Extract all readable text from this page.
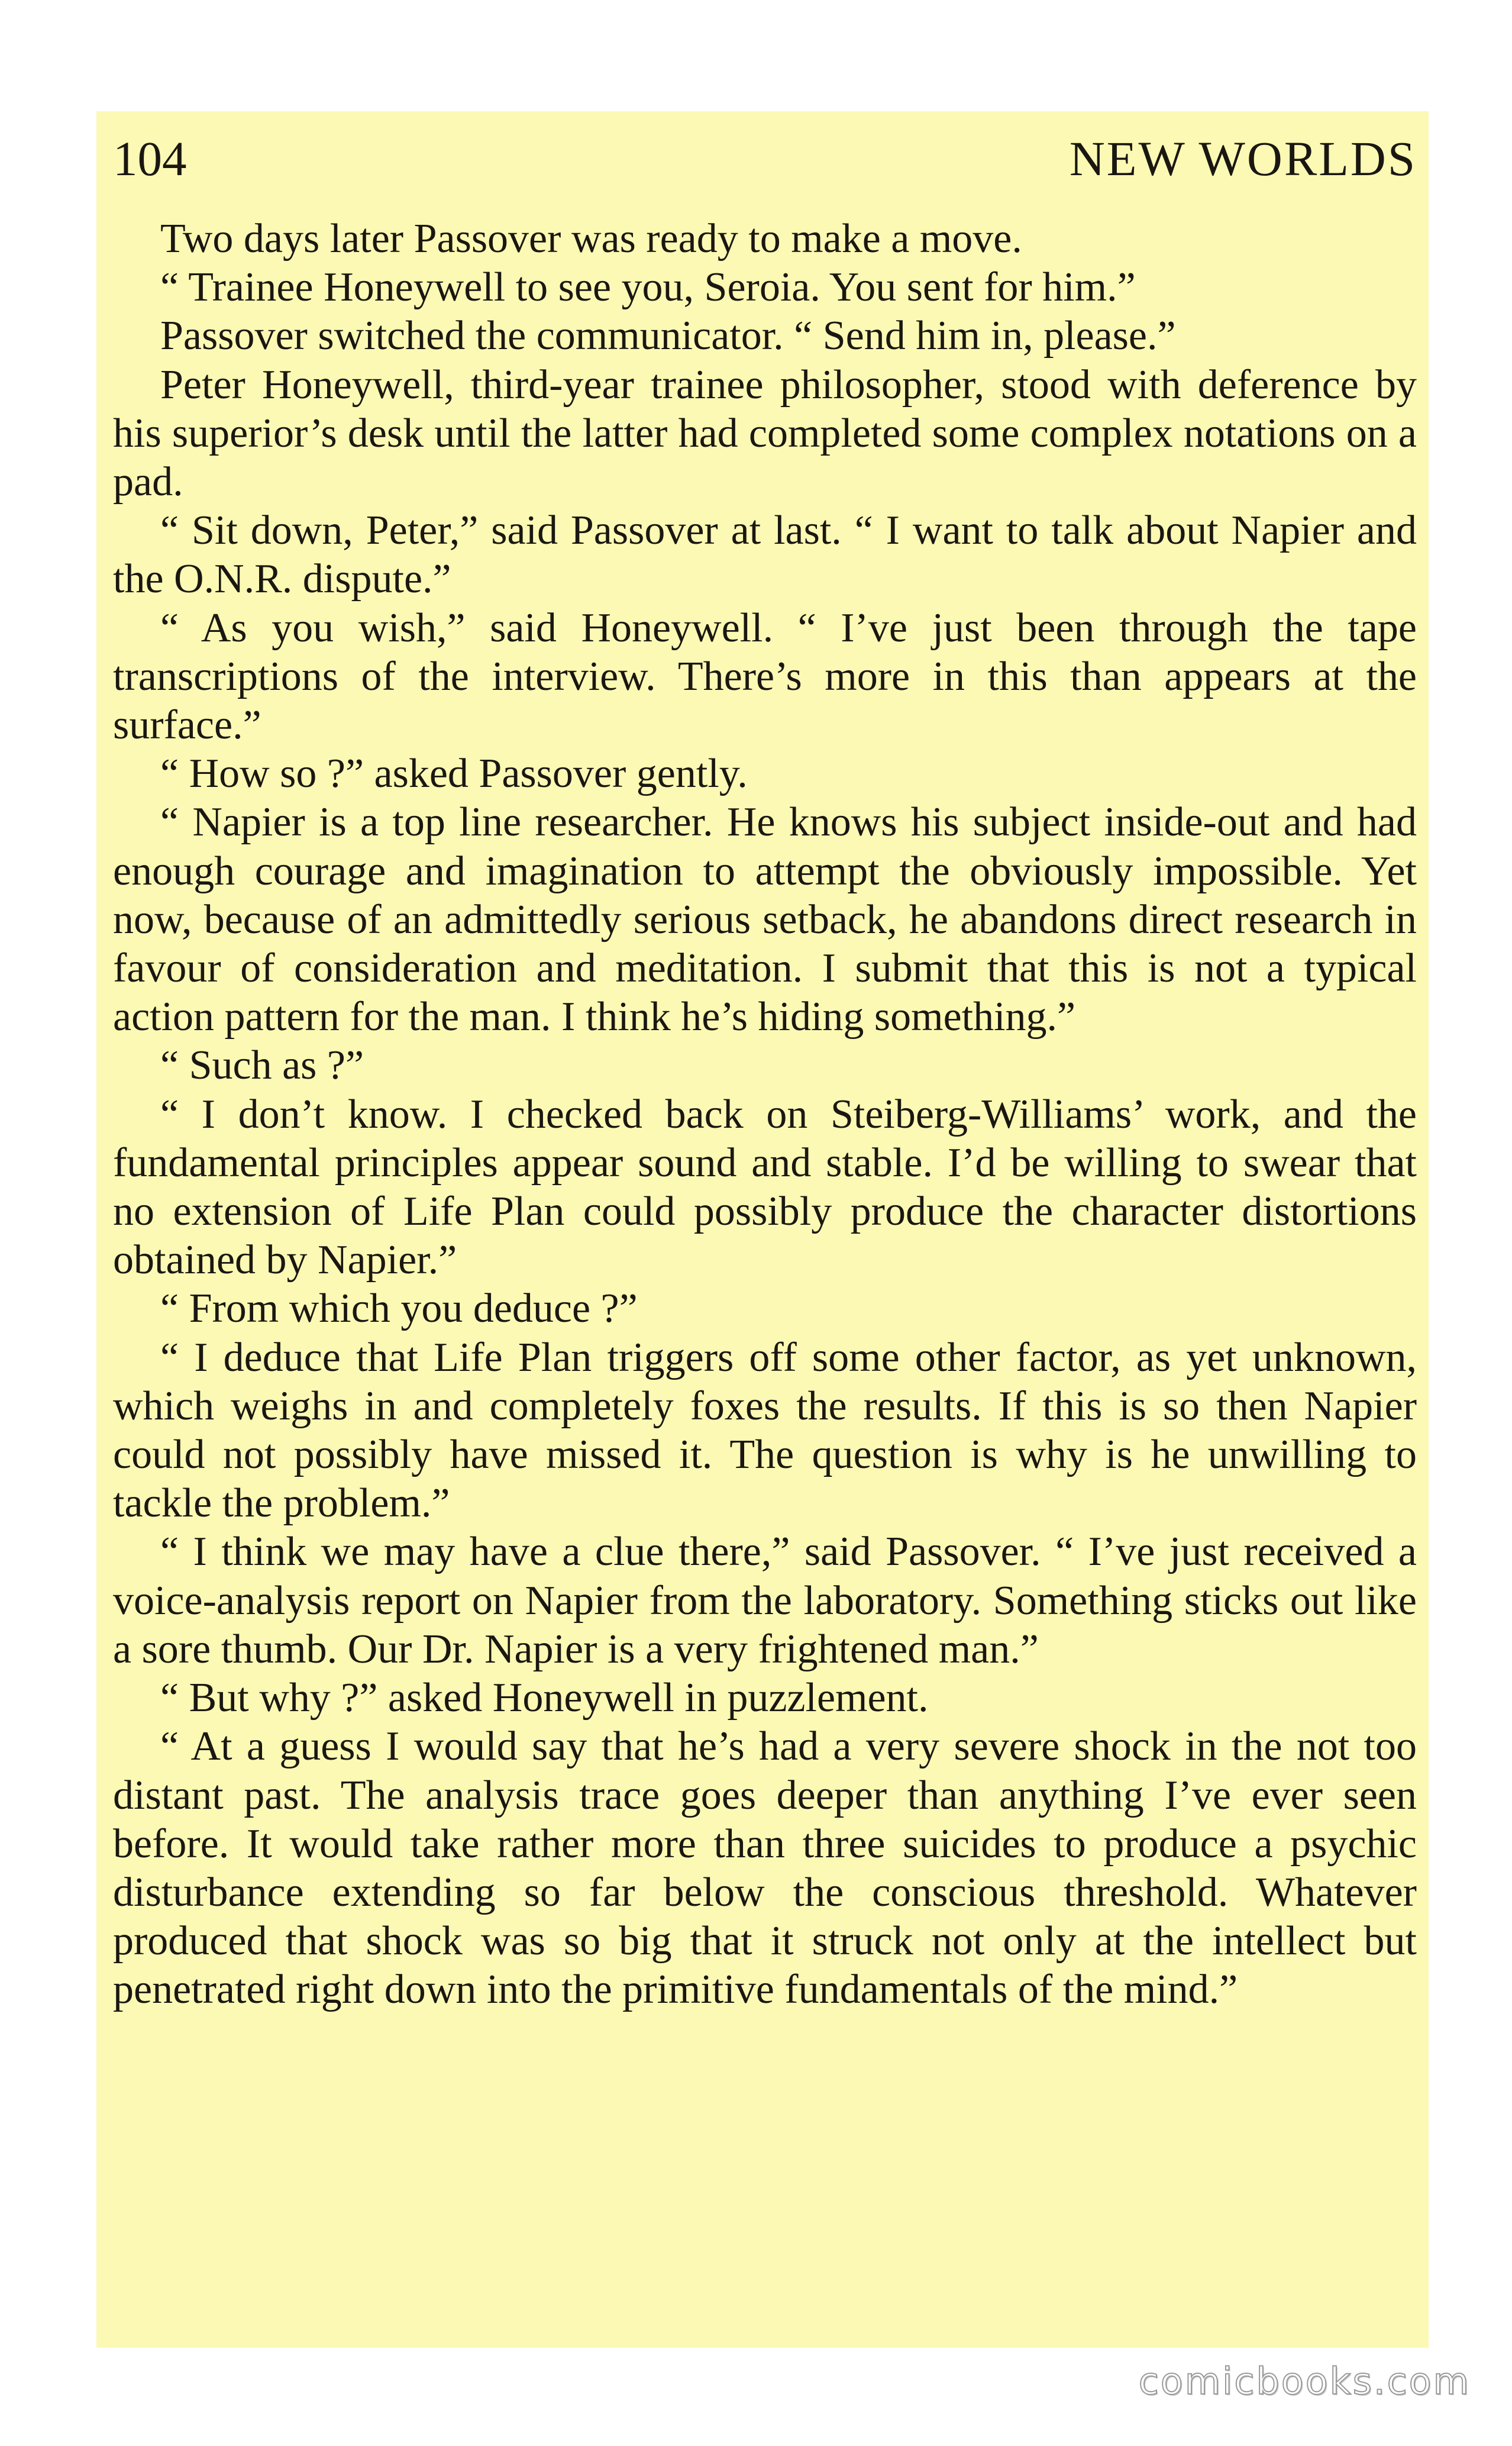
104	NEW WORLDS

Two days later Passover was ready to make a move.

“ Trainee Honeywell to see you, Seroia. You sent for him.”

Passover switched the communicator. “ Send him in, please.”

Peter Honeywell, third-year trainee philosopher, stood with deference by his superior’s desk until the latter had completed some complex notations on a pad.

“ Sit down, Peter,” said Passover at last. “ I want to talk about Napier and the O.N.R. dispute.”

“ As you wish,” said Honeywell. “ I’ve just been through the tape transcriptions of the interview. There’s more in this than appears at the surface.”

“ How so ?” asked Passover gently.

“ Napier is a top line researcher. He knows his subject inside-out and had enough courage and imagination to attempt the obviously impossible. Yet now, because of an admittedly serious setback, he abandons direct research in favour of consideration and meditation. I submit that this is not a typical action pattern for the man. I think he’s hiding something.”

“ Such as ?”

“ I don’t know. I checked back on Steiberg-Williams’ work, and the fundamental principles appear sound and stable. I’d be willing to swear that no extension of Life Plan could possibly produce the character distortions obtained by Napier.”

“ From which you deduce ?”

“ I deduce that Life Plan triggers off some other factor, as yet unknown, which weighs in and completely foxes the results. If this is so then Napier could not possibly have missed it. The question is why is he unwilling to tackle the problem.”

“ I think we may have a clue there,” said Passover. “ I’ve just received a voice-analysis report on Napier from the laboratory. Something sticks out like a sore thumb. Our Dr. Napier is a very frightened man.”

“ But why ?” asked Honeywell in puzzlement.

“ At a guess I would say that he’s had a very severe shock in the not too distant past. The analysis trace goes deeper than anything I’ve ever seen before. It would take rather more than three suicides to produce a psychic disturbance extending so far below the conscious threshold. Whatever produced that shock was so big that it struck not only at the intellect but penetrated right down into the primitive fundamentals of the mind.”

comicbooks.com
